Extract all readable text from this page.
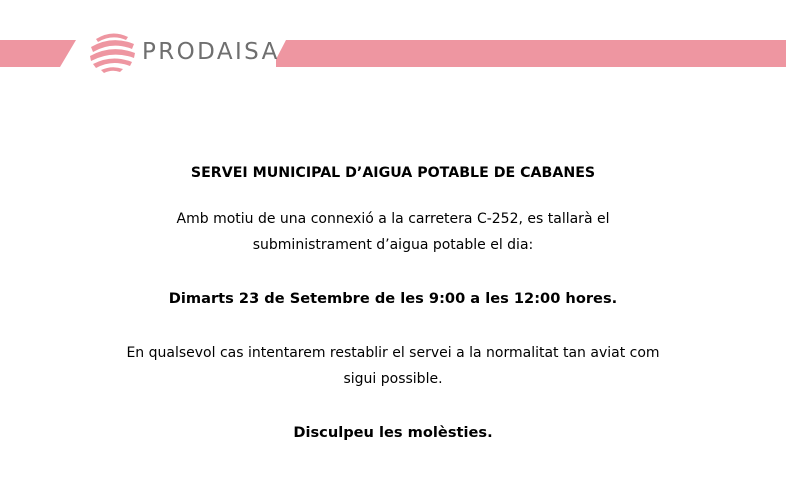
PRODAISA
SERVEI MUNICIPAL D’AIGUA POTABLE DE CABANES
Amb motiu de una connexió a la carretera C-252, es tallarà el
subministrament d’aigua potable el dia:
Dimarts 23 de Setembre de les 9:00 a les 12:00 hores.
En qualsevol cas intentarem restablir el servei a la normalitat tan aviat com
sigui possible.
Disculpeu les molèsties.
